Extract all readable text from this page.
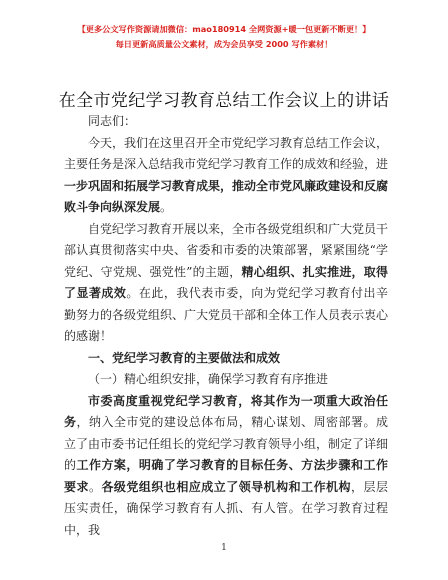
【更多公文写作资源请加微信：mao180914 全网资源+暖一包更新不断更！】
每日更新高质量公文素材，成为会员享受 2000 写作素材！
在全市党纪学习教育总结工作会议上的讲话

同志们：

今天，我们在这里召开全市党纪学习教育总结工作会议，主要任务是深入总结我市党纪学习教育工作的成效和经验，进一步巩固和拓展学习教育成果，推动全市党风廉政建设和反腐败斗争向纵深发展。

自党纪学习教育开展以来，全市各级党组织和广大党员干部认真贯彻落实中央、省委和市委的决策部署，紧紧围绕“学党纪、守党规、强党性”的主题，精心组织、扎实推进，取得了显著成效。在此，我代表市委，向为党纪学习教育付出辛勤努力的各级党组织、广大党员干部和全体工作人员表示衷心的感谢！

一、党纪学习教育的主要做法和成效

（一）精心组织安排，确保学习教育有序推进

市委高度重视党纪学习教育，将其作为一项重大政治任务，纳入全市党的建设总体布局，精心谋划、周密部署。成立了由市委书记任组长的党纪学习教育领导小组，制定了详细的工作方案，明确了学习教育的目标任务、方法步骤和工作要求。各级党组织也相应成立了领导机构和工作机构，层层压实责任，确保学习教育有人抓、有人管。在学习教育过程中，我

1
